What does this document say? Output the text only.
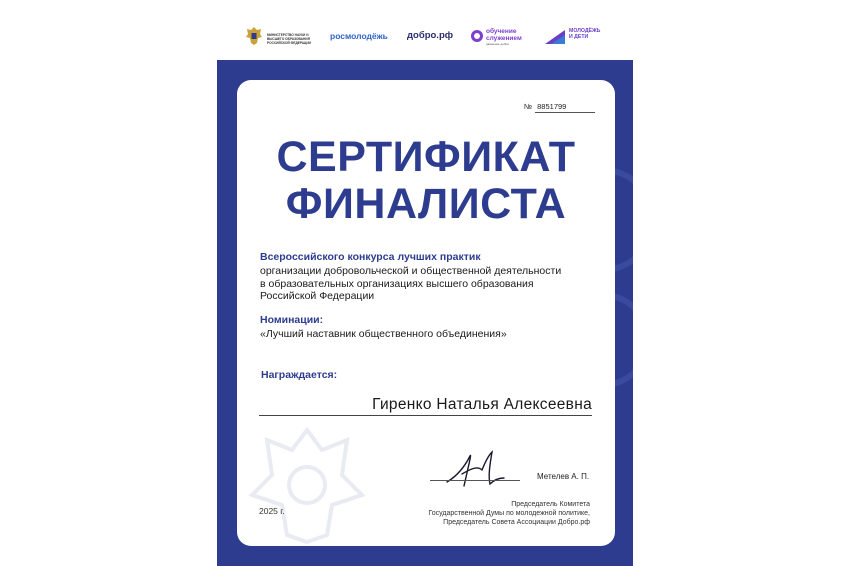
МИНИСТЕРСТВО НАУКИ И ВЫСШЕГО ОБРАЗОВАНИЯ РОССИЙСКОЙ ФЕДЕРАЦИИ
росмолодёжь добро.рф	обучение
служением
движение добро
МОЛОДЁЖЬ
И ДЕТИ
№ 8851799
СЕРТИФИКАТ
ФИНАЛИСТА
Всероссийского конкурса лучших практик
организации добровольческой и общественной деятельности
в образовательных организациях высшего образования
Российской Федерации
Номинации:
«Лучший наставник общественного объединения»
Награждается:
Гиренко Наталья Алексеевна
Метелев А. П.
Председатель Комитета
Государственной Думы по молодежной политике,
Председатель Совета Ассоциации Добро.рф
2025 г.
